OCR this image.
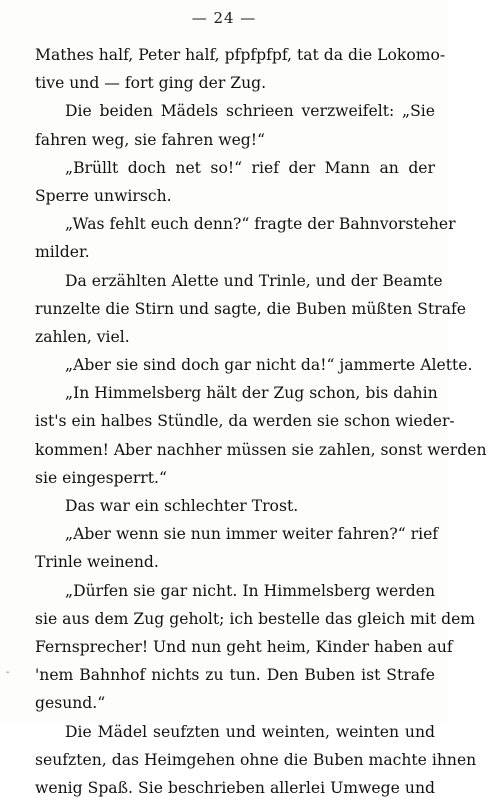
— 24 —
Mathes half, Peter half, pfpfpfpf, tat da die Lokomo-
tive und — fort ging der Zug.
Die beiden Mädels schrieen verzweifelt: „Sie
fahren weg, sie fahren weg!“
„Brüllt doch net so!“ rief der Mann an der
Sperre unwirsch.
„Was fehlt euch denn?“ fragte der Bahnvorsteher
milder.
Da erzählten Alette und Trinle, und der Beamte
runzelte die Stirn und sagte, die Buben müßten Strafe
zahlen, viel.
„Aber sie sind doch gar nicht da!“ jammerte Alette.
„In Himmelsberg hält der Zug schon, bis dahin
ist's ein halbes Stündle, da werden sie schon wieder-
kommen! Aber nachher müssen sie zahlen, sonst werden
sie eingesperrt.“
Das war ein schlechter Trost.
„Aber wenn sie nun immer weiter fahren?“ rief
Trinle weinend.
„Dürfen sie gar nicht. In Himmelsberg werden
sie aus dem Zug geholt; ich bestelle das gleich mit dem
Fernsprecher! Und nun geht heim, Kinder haben auf
'nem Bahnhof nichts zu tun. Den Buben ist Strafe
gesund.“
Die Mädel seufzten und weinten, weinten und
seufzten, das Heimgehen ohne die Buben machte ihnen
wenig Spaß. Sie beschrieben allerlei Umwege und
-
